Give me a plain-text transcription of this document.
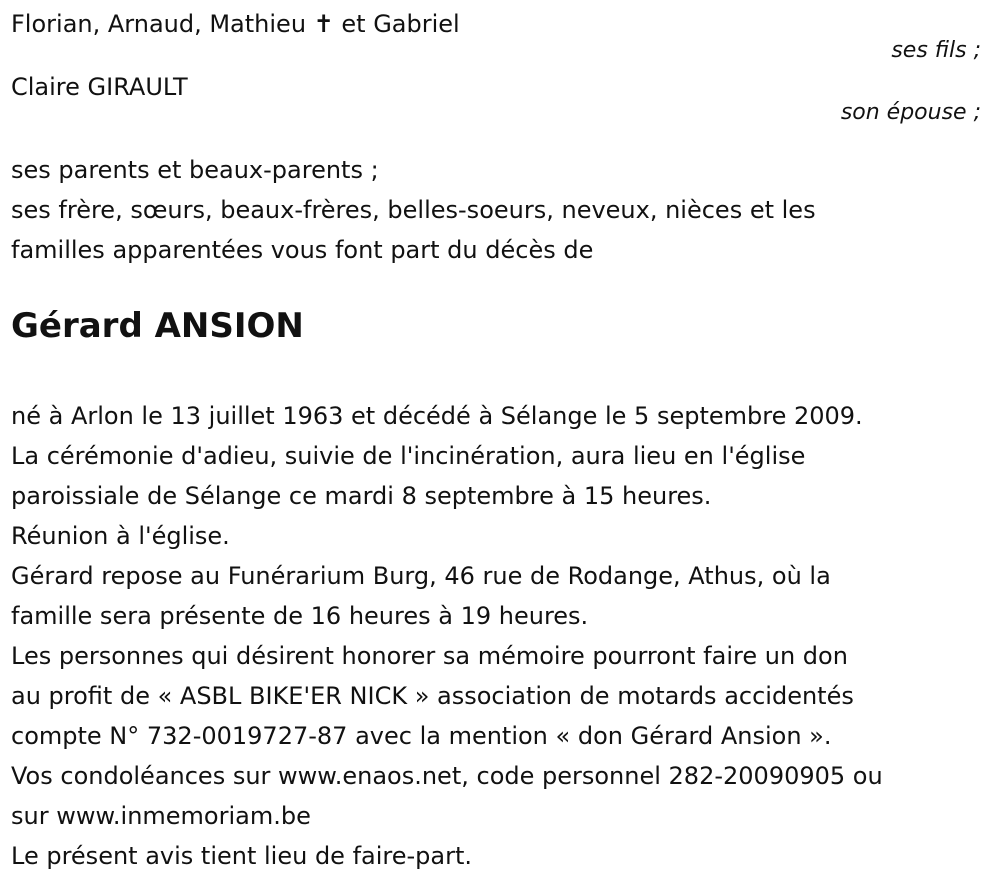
Florian, Arnaud, Mathieu ✝ et Gabriel
ses fils ;
Claire GIRAULT
son épouse ;
ses parents et beaux-parents ;
ses frère, sœurs, beaux-frères, belles-soeurs, neveux, nièces et les
familles apparentées vous font part du décès de
Gérard ANSION
né à Arlon le 13 juillet 1963 et décédé à Sélange le 5 septembre 2009.
La cérémonie d'adieu, suivie de l'incinération, aura lieu en l'église
paroissiale de Sélange ce mardi 8 septembre à 15 heures.
Réunion à l'église.
Gérard repose au Funérarium Burg, 46 rue de Rodange, Athus, où la
famille sera présente de 16 heures à 19 heures.
Les personnes qui désirent honorer sa mémoire pourront faire un don
au profit de « ASBL BIKE'ER NICK » association de motards accidentés
compte N° 732-0019727-87 avec la mention « don Gérard Ansion ».
Vos condoléances sur www.enaos.net, code personnel 282-20090905 ou
sur www.inmemoriam.be
Le présent avis tient lieu de faire-part.
